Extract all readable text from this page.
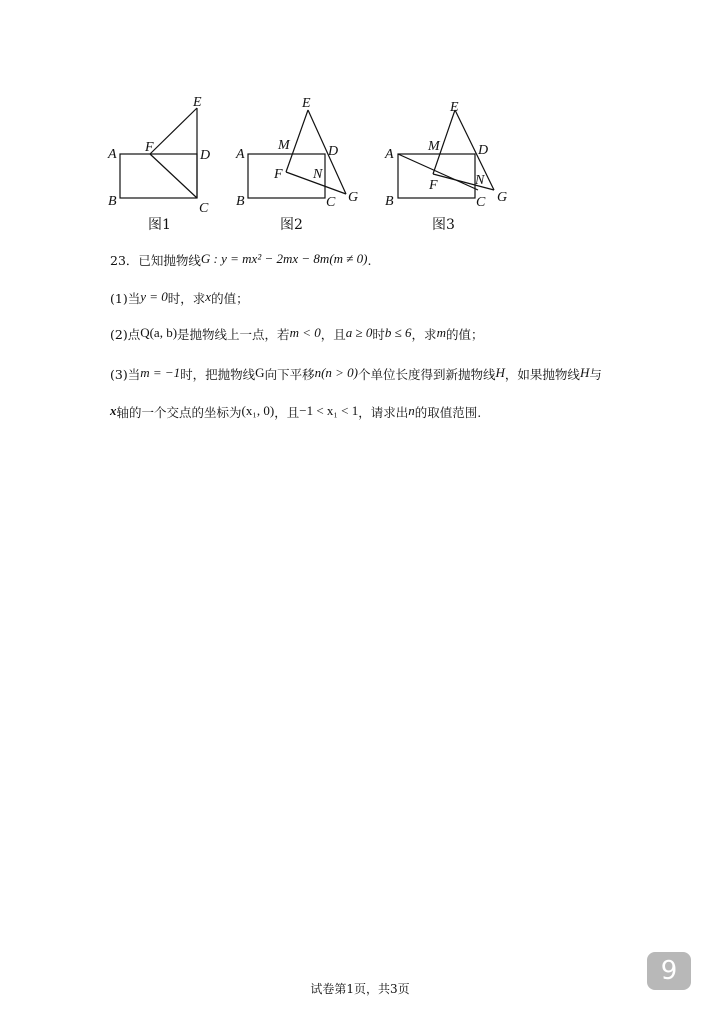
A
B	C
D
E
F	A
B	C
D
E
F
G
M
N
A
B	C
D
E
F
G
M
N
图1	图2	图3
23．已知抛物线G : y = mx² − 2mx − 8m(m ≠ 0).
(1)当y = 0时，求x的值；
(2)点Q(a, b)是抛物线上一点，若m < 0，且a ≥ 0时b ≤ 6，求m的值；
(3)当m = −1时，把抛物线G向下平移n(n > 0)个单位长度得到新抛物线H，如果抛物线H与
x轴的一个交点的坐标为(x₁, 0)，且−1 < x₁ < 1，请求出n的取值范围.
试卷第1页，共3页
9
